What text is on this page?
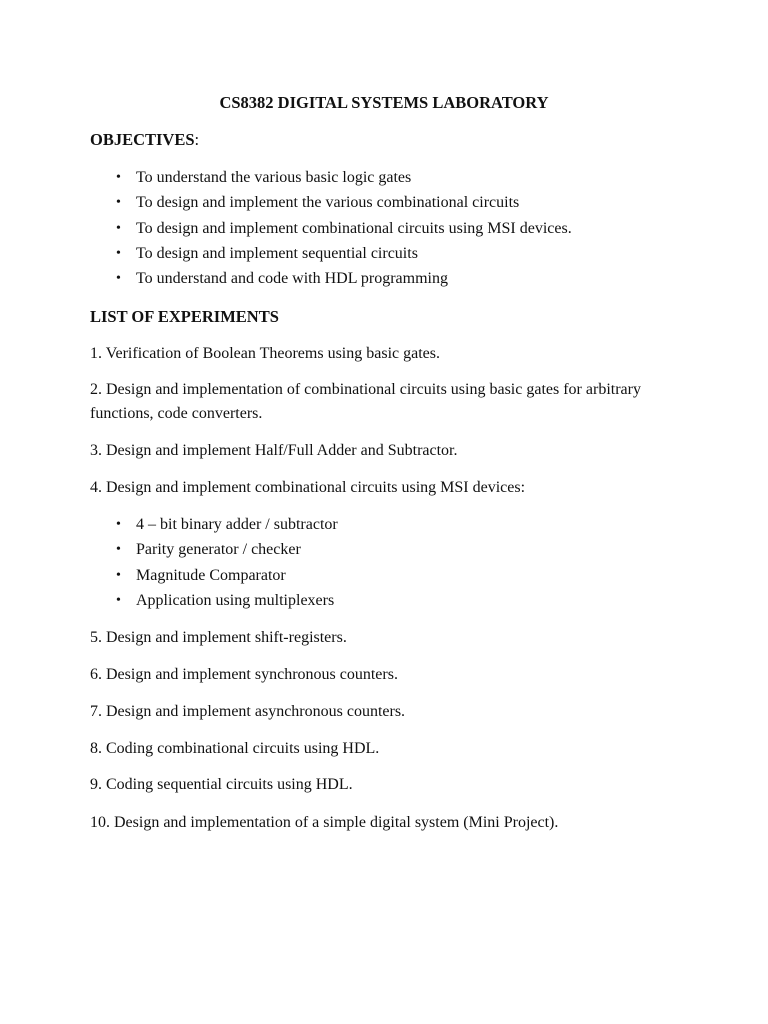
CS8382 DIGITAL SYSTEMS LABORATORY
OBJECTIVES:
• To understand the various basic logic gates
• To design and implement the various combinational circuits
• To design and implement combinational circuits using MSI devices.
• To design and implement sequential circuits
• To understand and code with HDL programming
LIST OF EXPERIMENTS
1. Verification of Boolean Theorems using basic gates.
2. Design and implementation of combinational circuits using basic gates for arbitrary functions, code converters.
3. Design and implement Half/Full Adder and Subtractor.
4. Design and implement combinational circuits using MSI devices:
• 4 – bit binary adder / subtractor
• Parity generator / checker
• Magnitude Comparator
• Application using multiplexers
5. Design and implement shift-registers.
6. Design and implement synchronous counters.
7. Design and implement asynchronous counters.
8. Coding combinational circuits using HDL.
9. Coding sequential circuits using HDL.
10. Design and implementation of a simple digital system (Mini Project).
